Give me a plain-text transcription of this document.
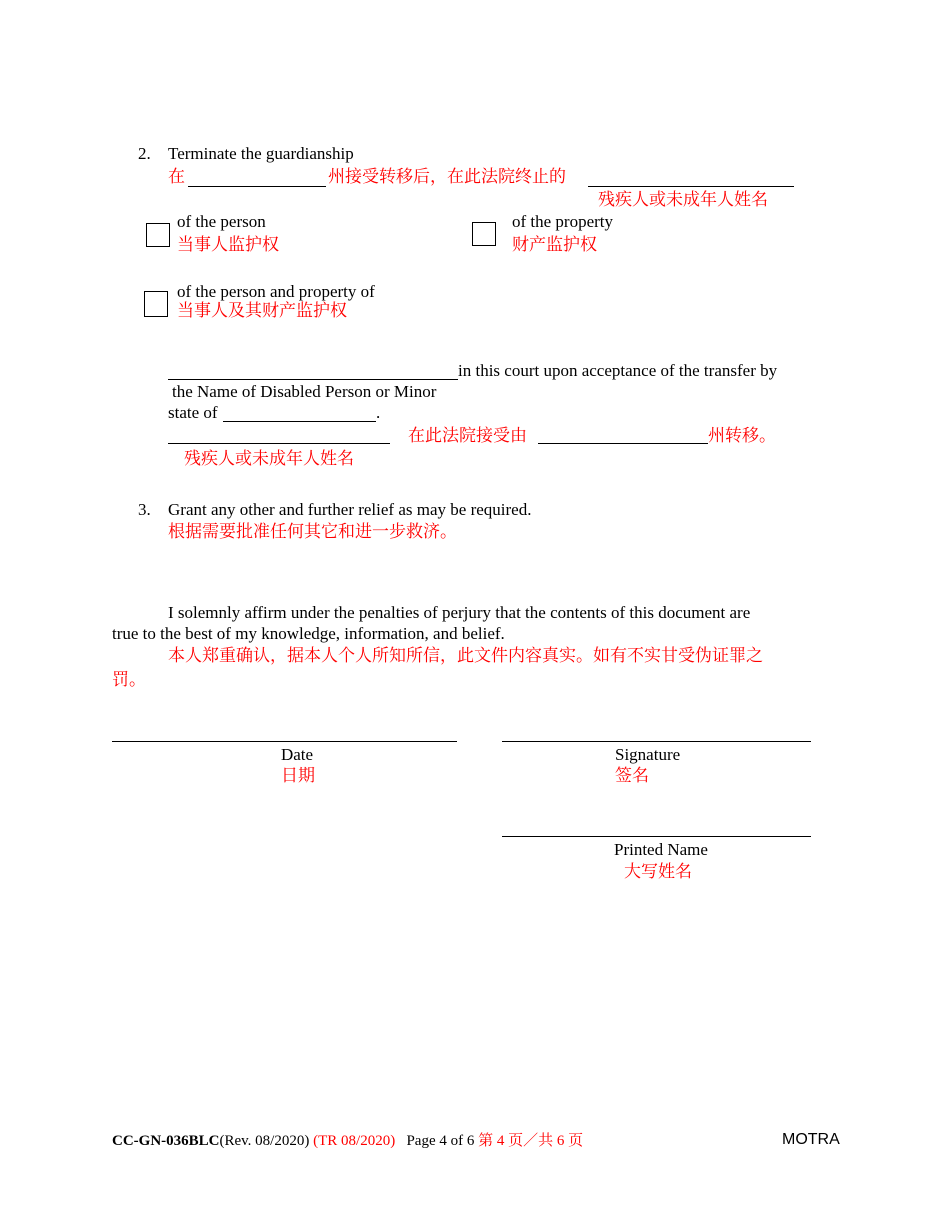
2. Terminate the guardianship
在	州接受转移后，在此法院终止的
残疾人或未成年人姓名
of the person
当事人监护权
of the property
财产监护权
of the person and property of
当事人及其财产监护权
in this court upon acceptance of the transfer by
the Name of Disabled Person or Minor
state of	.
在此法院接受由	州转移。
残疾人或未成年人姓名
3. Grant any other and further relief as may be required.
根据需要批准任何其它和进一步救济。
I solemnly affirm under the penalties of perjury that the contents of this document are
true to the best of my knowledge, information, and belief.
本人郑重确认，据本人个人所知所信，此文件内容真实。如有不实甘受伪证罪之
罚。
Date
日期
Signature
签名
Printed Name
大写姓名
CC-GN-036BLC(Rev. 08/2020) (TR 08/2020) Page 4 of 6 第 4 页／共 6 页	MOTRA
